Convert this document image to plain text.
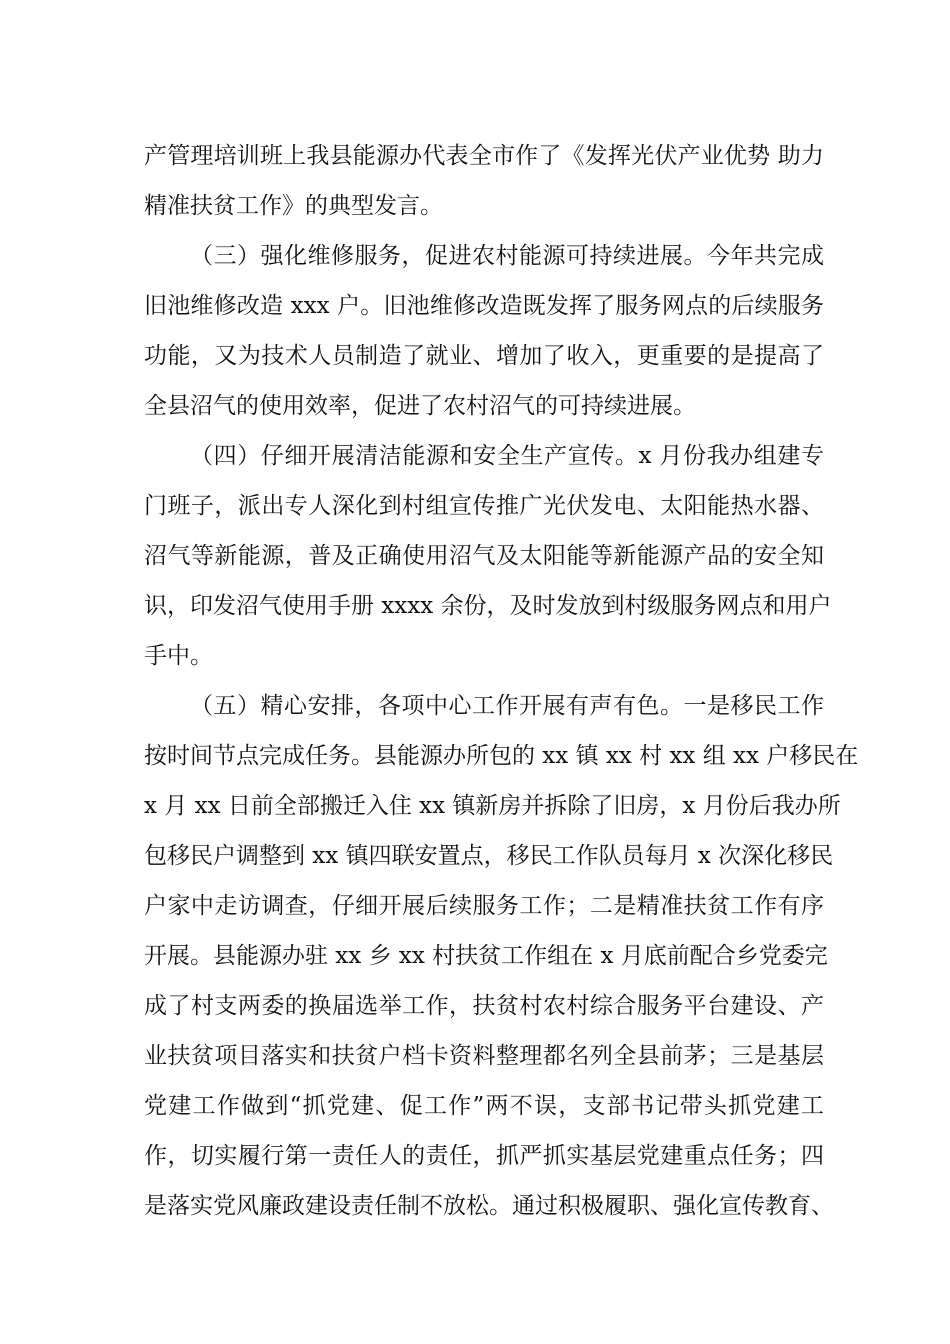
产管理培训班上我县能源办代表全市作了《发挥光伏产业优势 助力
精准扶贫工作》的典型发言。
（三）强化维修服务，促进农村能源可持续进展。今年共完成
旧池维修改造 xxx 户。旧池维修改造既发挥了服务网点的后续服务
功能，又为技术人员制造了就业、增加了收入，更重要的是提高了
全县沼气的使用效率，促进了农村沼气的可持续进展。
（四）仔细开展清洁能源和安全生产宣传。x 月份我办组建专
门班子，派出专人深化到村组宣传推广光伏发电、太阳能热水器、
沼气等新能源，普及正确使用沼气及太阳能等新能源产品的安全知
识，印发沼气使用手册 xxxx 余份，及时发放到村级服务网点和用户
手中。
（五）精心安排，各项中心工作开展有声有色。一是移民工作
按时间节点完成任务。县能源办所包的 xx 镇 xx 村 xx 组 xx 户移民在
x 月 xx 日前全部搬迁入住 xx 镇新房并拆除了旧房，x 月份后我办所
包移民户调整到 xx 镇四联安置点，移民工作队员每月 x 次深化移民
户家中走访调查，仔细开展后续服务工作；二是精准扶贫工作有序
开展。县能源办驻 xx 乡 xx 村扶贫工作组在 x 月底前配合乡党委完
成了村支两委的换届选举工作，扶贫村农村综合服务平台建设、产
业扶贫项目落实和扶贫户档卡资料整理都名列全县前茅；三是基层
党建工作做到“抓党建、促工作”两不误，支部书记带头抓党建工
作，切实履行第一责任人的责任，抓严抓实基层党建重点任务；四
是落实党风廉政建设责任制不放松。通过积极履职、强化宣传教育、
